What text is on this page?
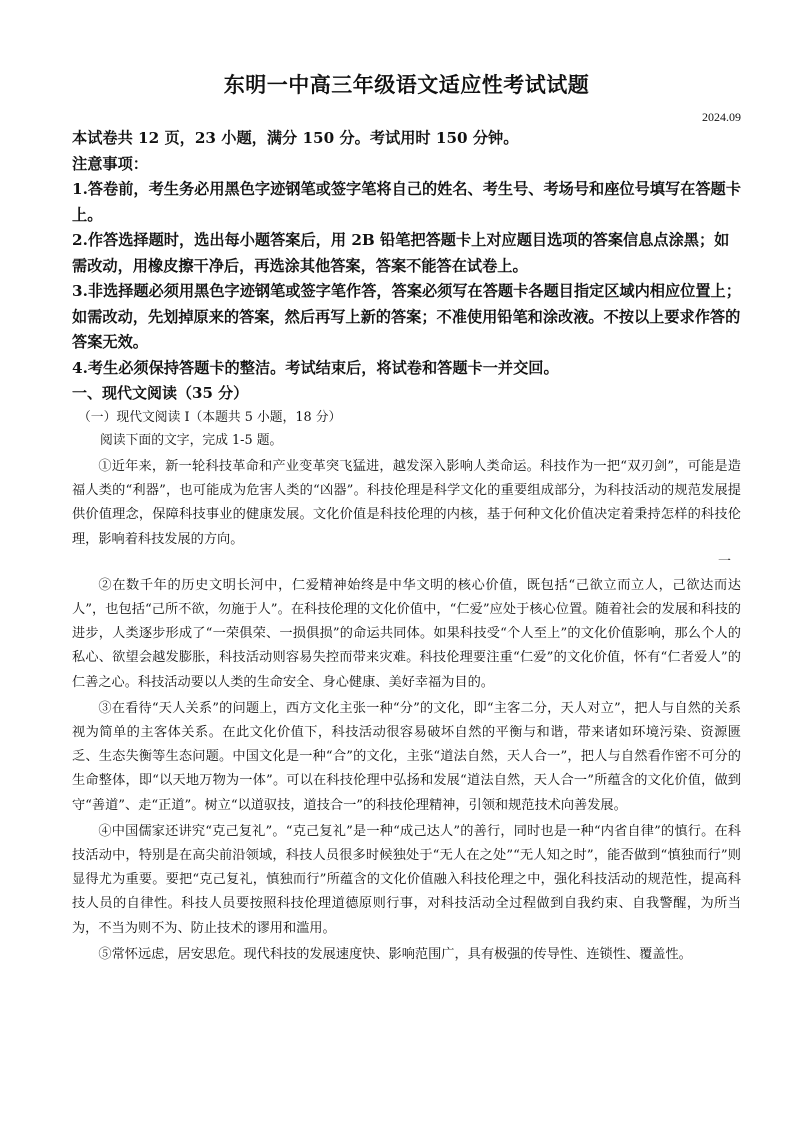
东明一中高三年级语文适应性考试试题
2024.09
本试卷共 12 页，23 小题，满分 150 分。考试用时 150 分钟。
注意事项：
1.答卷前，考生务必用黑色字迹钢笔或签字笔将自己的姓名、考生号、考场号和座位号填写在答题卡上。
2.作答选择题时，选出每小题答案后，用 2B 铅笔把答题卡上对应题目选项的答案信息点涂黑；如需改动，用橡皮擦干净后，再选涂其他答案，答案不能答在试卷上。
3.非选择题必须用黑色字迹钢笔或签字笔作答，答案必须写在答题卡各题目指定区域内相应位置上；如需改动，先划掉原来的答案，然后再写上新的答案；不准使用铅笔和涂改液。不按以上要求作答的答案无效。
4.考生必须保持答题卡的整洁。考试结束后，将试卷和答题卡一并交回。
一、现代文阅读（35 分）
（一）现代文阅读 I（本题共 5 小题，18 分）
阅读下面的文字，完成 1-5 题。

①近年来，新一轮科技革命和产业变革突飞猛进，越发深入影响人类命运。科技作为一把“双刃剑”，可能是造福人类的“利器”，也可能成为危害人类的“凶器”。科技伦理是科学文化的重要组成部分，为科技活动的规范发展提供价值理念，保障科技事业的健康发展。文化价值是科技伦理的内核，基于何种文化价值决定着秉持怎样的科技伦理，影响着科技发展的方向。

一

②在数千年的历史文明长河中，仁爱精神始终是中华文明的核心价值，既包括“己欲立而立人，己欲达而达人”，也包括“己所不欲，勿施于人”。在科技伦理的文化价值中，“仁爱”应处于核心位置。随着社会的发展和科技的进步，人类逐步形成了“一荣俱荣、一损俱损”的命运共同体。如果科技受“个人至上”的文化价值影响，那么个人的私心、欲望会越发膨胀，科技活动则容易失控而带来灾难。科技伦理要注重“仁爱”的文化价值，怀有“仁者爱人”的仁善之心。科技活动要以人类的生命安全、身心健康、美好幸福为目的。

③在看待“天人关系”的问题上，西方文化主张一种“分”的文化，即“主客二分，天人对立”，把人与自然的关系视为简单的主客体关系。在此文化价值下，科技活动很容易破坏自然的平衡与和谐，带来诸如环境污染、资源匮乏、生态失衡等生态问题。中国文化是一种“合”的文化，主张“道法自然，天人合一”，把人与自然看作密不可分的生命整体，即“以天地万物为一体”。可以在科技伦理中弘扬和发展“道法自然，天人合一”所蕴含的文化价值，做到守“善道”、走“正道”。树立“以道驭技，道技合一”的科技伦理精神，引领和规范技术向善发展。

④中国儒家还讲究“克己复礼”。“克己复礼”是一种“成己达人”的善行，同时也是一种“内省自律”的慎行。在科技活动中，特别是在高尖前沿领域，科技人员很多时候独处于“无人在之处”“无人知之时”，能否做到“慎独而行”则显得尤为重要。要把“克己复礼，慎独而行”所蕴含的文化价值融入科技伦理之中，强化科技活动的规范性，提高科技人员的自律性。科技人员要按照科技伦理道德原则行事，对科技活动全过程做到自我约束、自我警醒，为所当为，不当为则不为、防止技术的谬用和滥用。

⑤常怀远虑，居安思危。现代科技的发展速度快、影响范围广，具有极强的传导性、连锁性、覆盖性。
